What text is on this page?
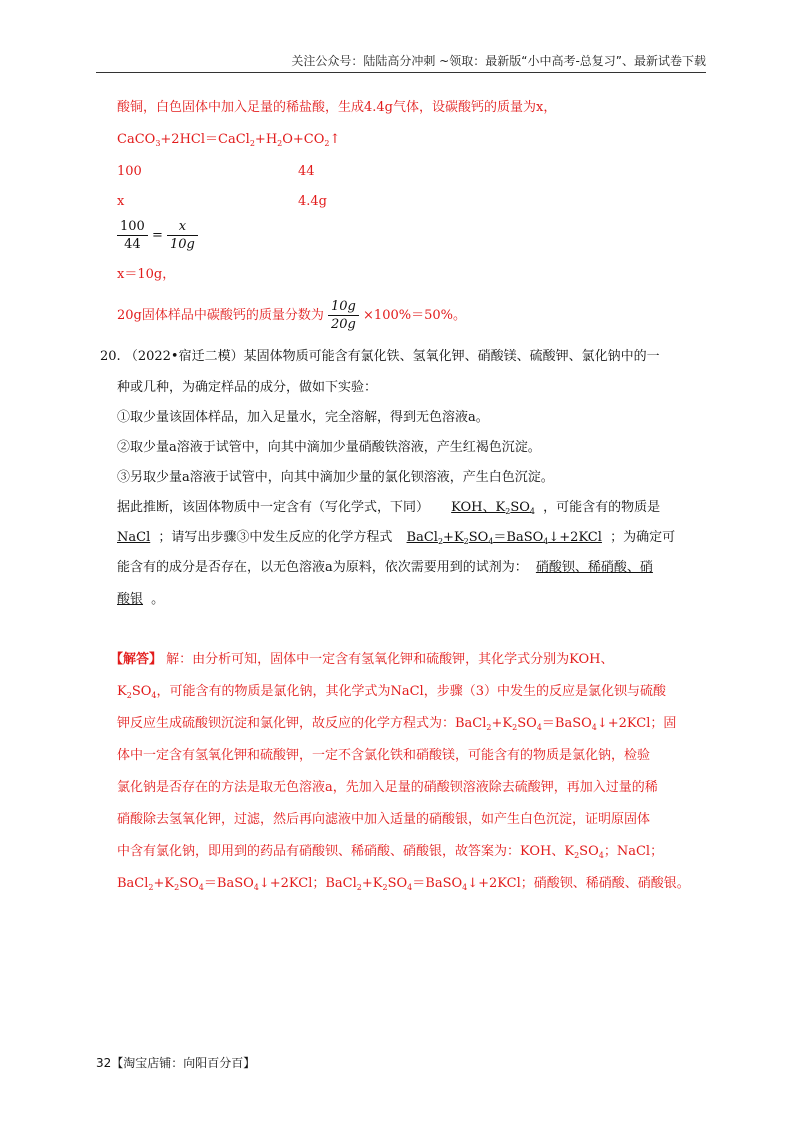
关注公众号：陆陆高分冲刺 ~领取：最新版“小中高考-总复习”、最新试卷下载
酸铜，白色固体中加入足量的稀盐酸，生成4.4g气体，设碳酸钙的质量为x，
$CaCO_3+2HCl=CaCl_2+H_2O+CO_2↑$
100	44
x	4.4g
$\frac{100}{44} = \frac{x}{10g}$
x＝10g，
20g固体样品中碳酸钙的质量分数为 $\frac{10g}{20g} \times 100\%=50\%$。
20. （2022•宿迁二模）某固体物质可能含有氯化铁、氢氧化钾、硝酸镁、硫酸钾、氯化钠中的一
种或几种，为确定样品的成分，做如下实验：
①取少量该固体样品，加入足量水，完全溶解，得到无色溶液a。
②取少量a溶液于试管中，向其中滴加少量硝酸铁溶液，产生红褐色沉淀。
③另取少量a溶液于试管中，向其中滴加少量的氯化钡溶液，产生白色沉淀。
据此推断，该固体物质中一定含有（写化学式，下同） KOH、$K_2SO_4$ ，可能含有的物质是
NaCl ；请写出步骤③中发生反应的化学方程式 $BaCl_2+K_2SO_4=BaSO_4↓+2KCl$ ；为确定可
能含有的成分是否存在，以无色溶液a为原料，依次需要用到的试剂为： 硝酸钡、稀硝酸、硝
酸银 。
【解答】 解：由分析可知，固体中一定含有氢氧化钾和硫酸钾，其化学式分别为KOH、
$K_2SO_4$，可能含有的物质是氯化钠，其化学式为NaCl，步骤（3）中发生的反应是氯化钡与硫酸
钾反应生成硫酸钡沉淀和氯化钾，故反应的化学方程式为：$BaCl_2+K_2SO_4=BaSO_4↓+2KCl$；固
体中一定含有氢氧化钾和硫酸钾，一定不含氯化铁和硝酸镁，可能含有的物质是氯化钠，检验
氯化钠是否存在的方法是取无色溶液a，先加入足量的硝酸钡溶液除去硫酸钾，再加入过量的稀
硝酸除去氢氧化钾，过滤，然后再向滤液中加入适量的硝酸银，如产生白色沉淀，证明原固体
中含有氯化钠，即用到的药品有硝酸钡、稀硝酸、硝酸银，故答案为：KOH、$K_2SO_4$；NaCl；
$BaCl_2+K_2SO_4=BaSO_4↓+2KCl$；$BaCl_2+K_2SO_4=BaSO_4↓+2KCl$；硝酸钡、稀硝酸、硝酸银。
32【淘宝店铺：向阳百分百】
